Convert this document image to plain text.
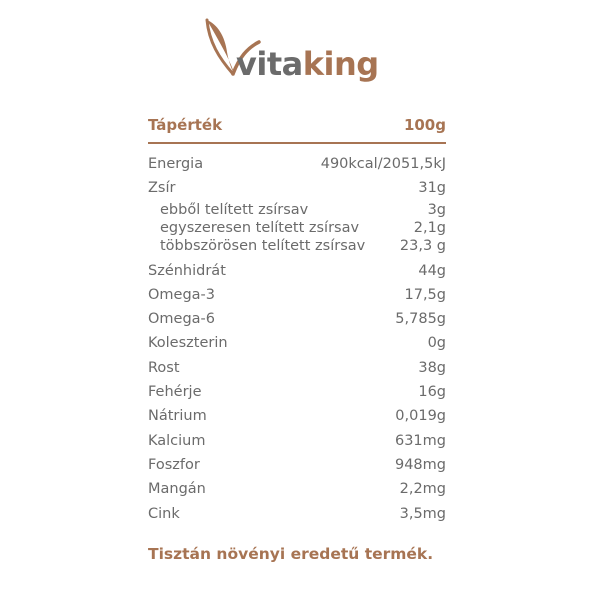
vitaking
Tápérték	100g
Energia	490kcal/2051,5kJ
Zsír	31g
ebből telített zsírsav	3g
egyszeresen telített zsírsav	2,1g
többszörösen telített zsírsav 23,3 g
Szénhidrát	44g
Omega-3	17,5g
Omega-6	5,785g
Koleszterin	0g
Rost	38g
Fehérje	16g
Nátrium	0,019g
Kalcium	631mg
Foszfor	948mg
Mangán	2,2mg
Cink	3,5mg
Tisztán növényi eredetű termék.
